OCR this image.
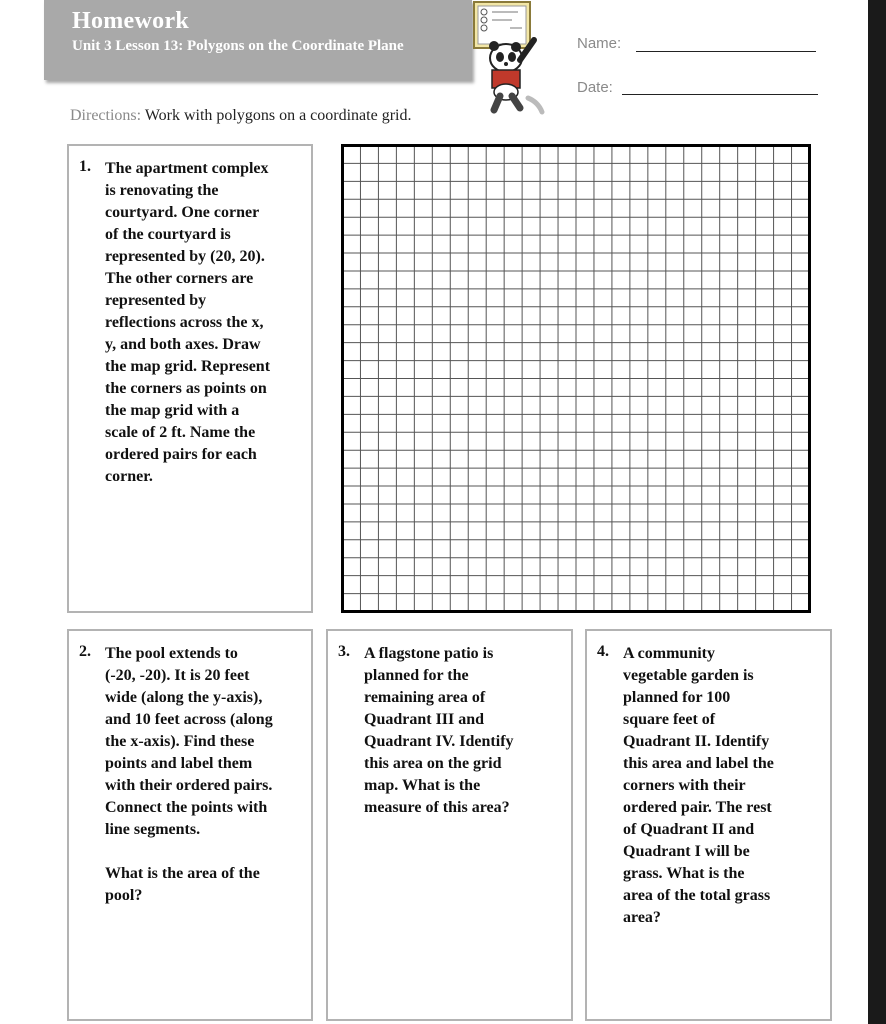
Homework
Unit 3 Lesson 13: Polygons on the Coordinate Plane	Name:
Date:
Directions: Work with polygons on a coordinate grid.
1. The apartment complex
is renovating the
courtyard. One corner
of the courtyard is
represented by (20, 20).
The other corners are
represented by
reflections across the x,
y, and both axes. Draw
the map grid. Represent
the corners as points on
the map grid with a
scale of 2 ft. Name the
ordered pairs for each
corner.
2. The pool extends to
(-20, -20). It is 20 feet
wide (along the y-axis),
and 10 feet across (along
the x-axis). Find these
points and label them
with their ordered pairs.
Connect the points with
line segments.

What is the area of the
pool?
3. A flagstone patio is
planned for the
remaining area of
Quadrant III and
Quadrant IV. Identify
this area on the grid
map. What is the
measure of this area?
4. A community
vegetable garden is
planned for 100
square feet of
Quadrant II. Identify
this area and label the
corners with their
ordered pair. The rest
of Quadrant II and
Quadrant I will be
grass. What is the
area of the total grass
area?
